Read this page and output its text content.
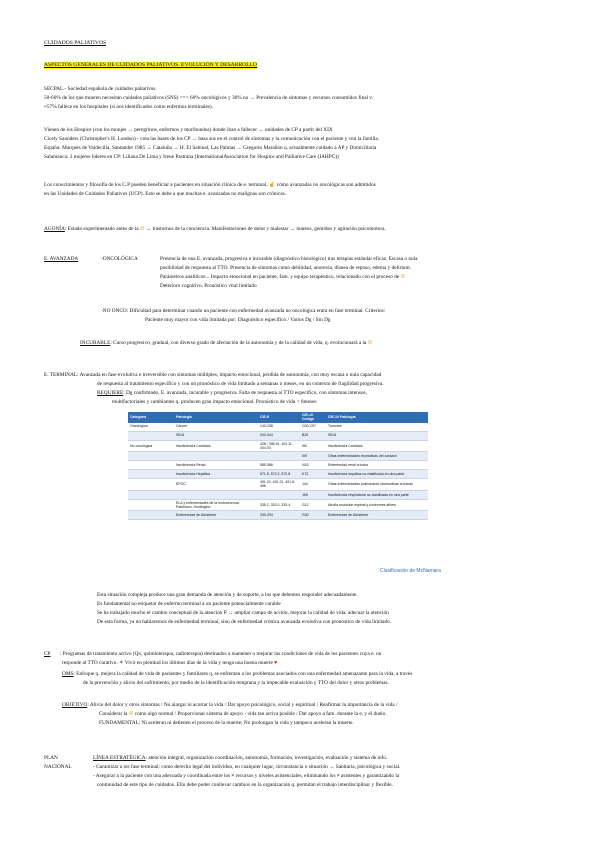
CUIDADOS PALIATIVOS
ASPECTOS GENERALES DE CUIDADOS PALIATIVOS. EVOLUCIÓN Y DESARROLLO
SECPAL.- Sociedad española de cuidados paliativos.
50-60% de los que mueren necesitan cuidados paliativos (SNS) ==> 60% oncológicos y 30% no → Prevalencia de síntomas y recursos consumidos final v.
≈57% fallece en los hospitales (si nos identificados como enfermos terminales).
Vienen de los Hospice (con los monjes → peregrinos, enfermos y moribundos) donde iban a fallecer → unidades de CP a partir del XIX
Cicely Saunders (Christopher's H. London) - crea las bases de los CP → basa sus en el control de síntomas y la comunicación con el paciente y con la familia.
España: Marqués de Valdecilla, Santander 1985 → Cataluña → H. El Sabinal, Las Palmas → Gregorio Marañón q. actualmente cuidado a AP y Domiciliaria
Salamanca: 2 mujeres líderes en CP: Liliana De Lima y Irene Pastrana (InternationalAssociation for Hospice and Palliative Care (IAHPC))
Los conocimientos y filosofía de los C.P pueden beneficiar a pacientes en situación clínica de e. terminal, ☝ cómo avanzadas no oncológicas son admitidos
en las Unidades de Cuidados Paliativos (UCP). Esto se debe a que muchas e. avanzadas no malignas son crónicas.
AGONÍA: Estado experimentado antes de la ☹ → trastornos de la conciencia. Manifestaciones de dolor y malestar → mareos, gemidos y agitación psicomotora.
E. AVANZADA	-ONCOLÓGICA	Presencia de una E. avanzada, progresiva e incurable (diagnóstico histológico) tras terapias estándar eficaz. Escasa o nula
posibilidad de respuesta al TTO. Presencia de síntomas como debilidad, anorexia, disnea de reposo, edema y delirium.
Parámetros analíticos... Impacto emocional en paciente, fam. y equipo terapéutico, relacionado con el proceso de ☹
Deterioro cognitivo. Pronóstico vital limitado
-NO ONCO: Dificultad para determinar cuando un paciente con enfermedad avanzada no oncológica entra en fase terminal. Criterios:
Paciente muy mayor con vida limitada por: Diagnóstico específico / Varios Dg / Sin Dg
INCURABLE: Curso progresivo, gradual, con diverso grado de afectación de la autonomía y de la calidad de vida, q. evolucionará a la ☹
E. TERMINAL: Avanzada en fase evolutiva e irreversible con síntomas múltiples, impacto emocional, pérdida de autonomía, con muy escasa o nula capacidad
de respuesta al tratamiento específico y con un pronóstico de vida limitado a semanas o meses, en un contexto de fragilidad progresiva.
REQUIERE: Dg confirmado, E. avanzada, incurable y progresiva. Falta de respuesta al TTO específico, con síntomas intensos,
multifactoriales y cambiantes q. producen gran impacto emocional. Pronóstico de vida < 6meses
Categoría	Patología	CIE-9	CIE-10 Código	CIE-10 Patología
Oncológica	Cáncer	140-208	C00-C97	Tumores
	SIDA	042-044	B20	SIDA
No oncológica	Insuficiencia Cardíaca	428 / 398.91, 402.11, 404.03	I50	Insuficiencia Cardíaca
			I09	Otras enfermedades reumáticas del corazón
	Insuficiencia Renal	585-586	N18	Enfermedad renal crónica
	Insuficiencia Hepática	571.5, 572.2, 572.8	K72	Insuficiencia hepática no clasificada en otra parte
	EPOC	491.20, 491.21, 491.8, 496	J44	Otras enfermedades pulmonares obstructivas crónicas
			J96	Insuficiencia respiratoria no clasificada en otra parte
	ELA y enfermedades de la motoneurona, Parkinson, Huntington	335.2, 332.0, 333.4	G12	Atrofia muscular espinal y síndromes afines
	Enfermedad de Alzheimer	290-294	G30	Enfermedad de Alzheimer
Clasificación de McNamara
Esta situación compleja produce una gran demanda de atención y de soporte, a los que debemos responder adecuadamente.
Es fundamental no etiquetar de enfermo terminal a un paciente potencialmente curable
Se ha trabajado mucho el cambio conceptual de la atención P → ampliar campo de acción, mejorar la calidad de vida, adecuar la atención
De esta forma, ya no hablaremos de enfermedad terminal, sino de enfermedad crónica avanzada evolutiva con pronóstico de vida limitado.
CP : Programas de tratamiento activo (Qx, quimioterapia, radioterapia) destinados a mantener o mejorar las condiciones de vida de los pacientes cuya e. no
responde al TTO curativo. ✶ Vivir en plenitud los últimos días de la vida y tenga una buena muerte ♥
OMS: Enfoque q. mejora la calidad de vida de pacientes y familiares q. se enfrentan a los problemas asociados con una enfermedad amenazante para la vida, a través
de la prevención y alivio del sufrimiento, por medio de la identificación temprana y la impecable evaluación y TTO del dolor y otros problemas.
OBJETIVO: Alivio del dolor y otros síntomas / No alargar ni acortar la vida / Dar apoyo psicológico, social y espiritual / Reafirmar la importancia de la vida /
Considerar la ☹ como algo normal / Proporcionar sistema de apoyo - vida tan activa posible / Dar apoyo a fam. durante la e. y el duelo.
FUNDAMENTAL: Ni aceleran ni detienen el proceso de la muerte; No prolongan la vida y tampoco aceleran la muerte.
PLAN
NACIONAL
LÍNEA ESTRATÉGICA: atención integral, organización coordinación, autonomía, formación, investigación, evaluación y sistema de info.
- Garantizar a los fase terminal: como derecho legal del individuo, en cualquier lugar, circunstancia o situación → Sanitaria, psicológica y social.
- Asegurar a la paciente con una adecuada y coordinada entre los ≠ recursos y niveles asistenciales, eliminando los ≠ asistentes y garantizando la
continuidad de este tipo de cuidados. Ello debe poder conllevar cambios en la organización q. permitan el trabajo interdisciplinar y flexible.
